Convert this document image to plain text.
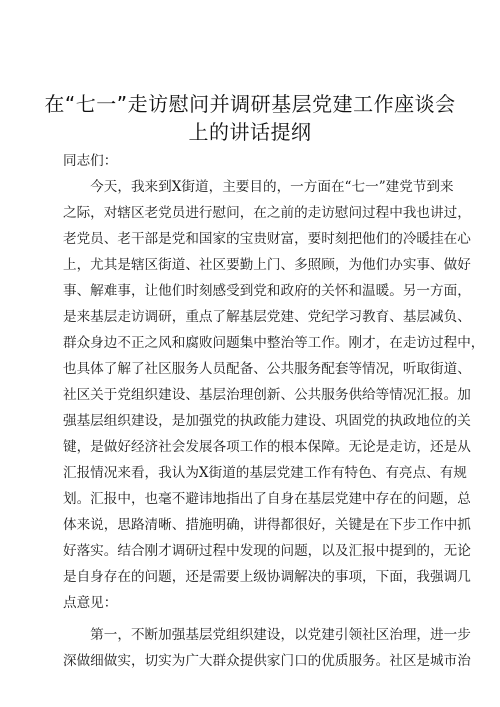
在“七一”走访慰问并调研基层党建工作座谈会
上的讲话提纲
同志们：
　　今天，我来到X街道，主要目的，一方面在“七一”建党节到来
之际，对辖区老党员进行慰问，在之前的走访慰问过程中我也讲过，
老党员、老干部是党和国家的宝贵财富，要时刻把他们的冷暖挂在心
上，尤其是辖区街道、社区要勤上门、多照顾，为他们办实事、做好
事、解难事，让他们时刻感受到党和政府的关怀和温暖。另一方面，
是来基层走访调研，重点了解基层党建、党纪学习教育、基层减负、
群众身边不正之风和腐败问题集中整治等工作。刚才，在走访过程中，
也具体了解了社区服务人员配备、公共服务配套等情况，听取街道、
社区关于党组织建设、基层治理创新、公共服务供给等情况汇报。加
强基层组织建设，是加强党的执政能力建设、巩固党的执政地位的关
键，是做好经济社会发展各项工作的根本保障。无论是走访，还是从
汇报情况来看，我认为X街道的基层党建工作有特色、有亮点、有规
划。汇报中，也毫不避讳地指出了自身在基层党建中存在的问题，总
体来说，思路清晰、措施明确，讲得都很好，关键是在下步工作中抓
好落实。结合刚才调研过程中发现的问题，以及汇报中提到的，无论
是自身存在的问题，还是需要上级协调解决的事项，下面，我强调几
点意见：
　　第一，不断加强基层党组织建设，以党建引领社区治理，进一步
深做细做实，切实为广大群众提供家门口的优质服务。社区是城市治
